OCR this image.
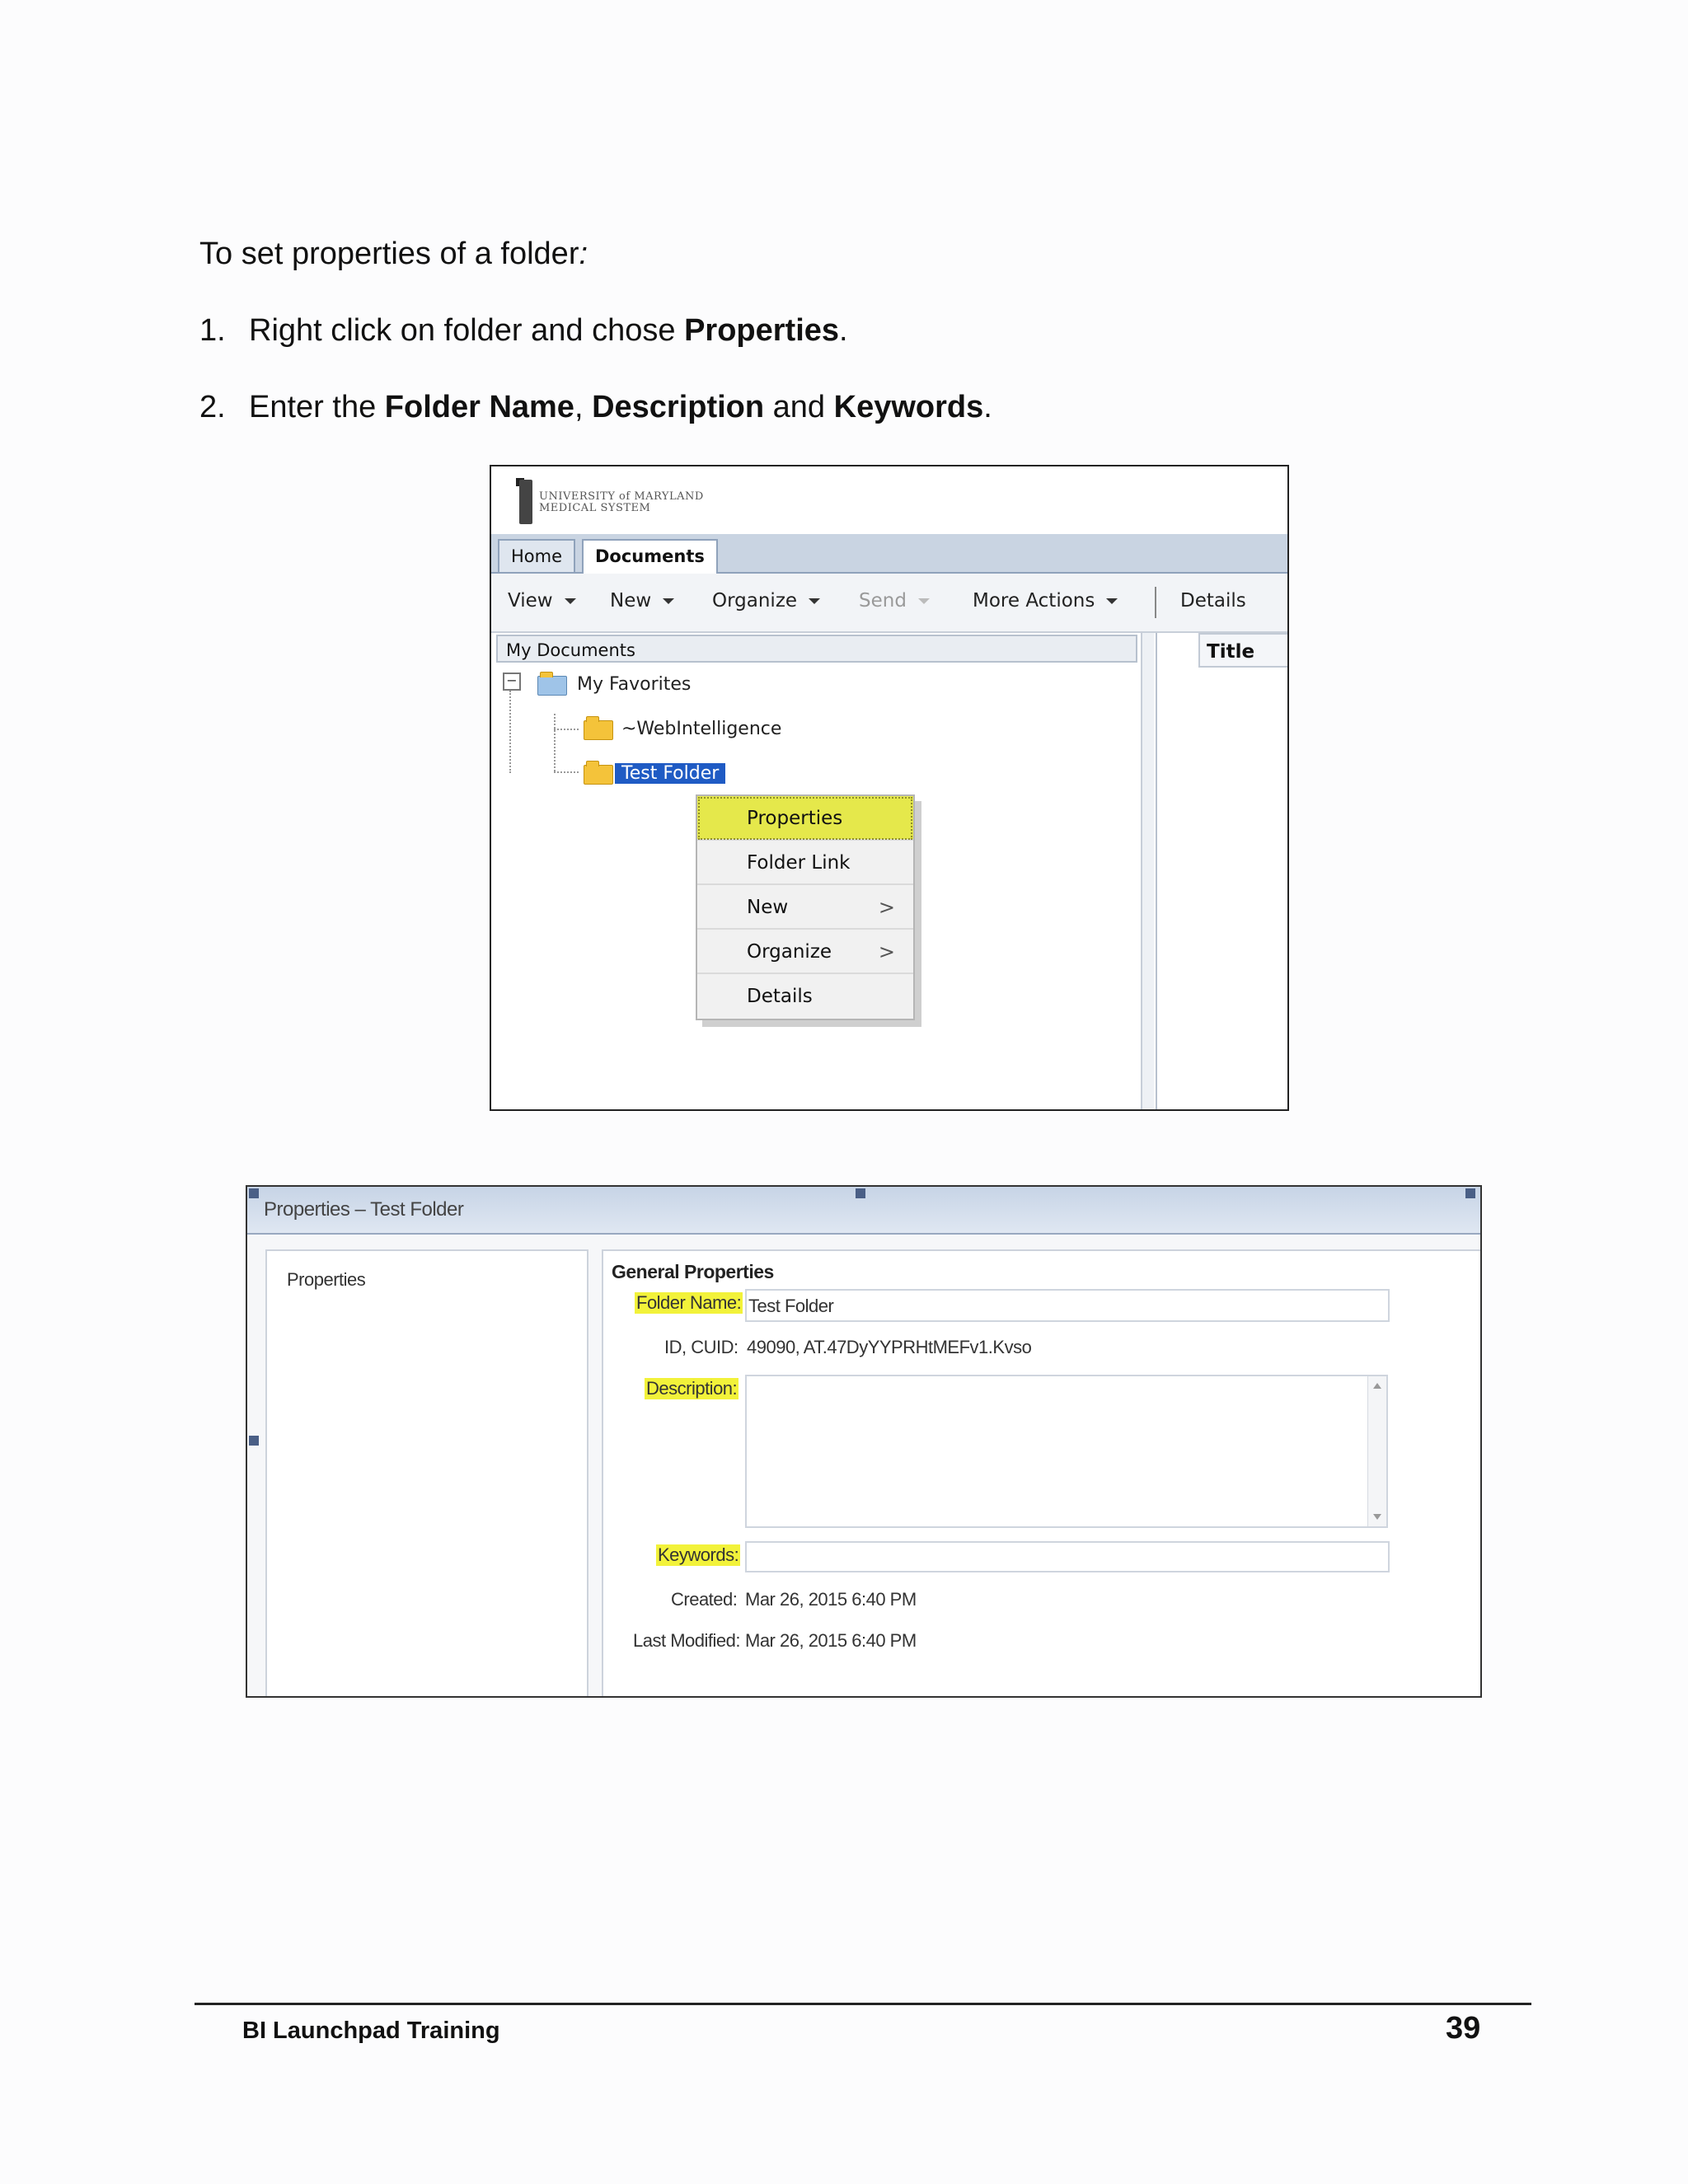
To set properties of a folder:
1. Right click on folder and chose Properties.
2. Enter the Folder Name, Description and Keywords.
UNIVERSITY of MARYLAND
MEDICAL SYSTEM
Home	Documents
View	New	Organize	Send	More Actions	Details
My Documents	Title
−	My Favorites
~WebIntelligence
Test Folder
Properties
Folder Link
New	>
Organize	>
Details
Properties – Test Folder
Properties	General Properties
Folder Name: Test Folder
ID, CUID: 49090, AT.47DyYYPRHtMEFv1.Kvso
Description:
Keywords:
Created: Mar 26, 2015 6:40 PM
Last Modified: Mar 26, 2015 6:40 PM
BI Launchpad Training	39
